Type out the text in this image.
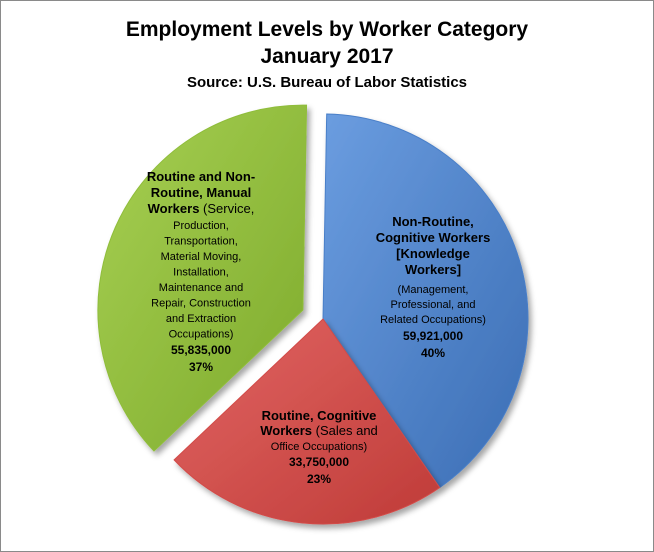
Employment Levels by Worker Category
January 2017
Source: U.S. Bureau of Labor Statistics
Non-Routine,
Cognitive Workers
[Knowledge
Workers]
(Management,
Professional, and
Related Occupations)
59,921,000
40%
Routine, Cognitive
Workers (Sales and
Office Occupations)
33,750,000
23%
Routine and Non-
Routine, Manual
Workers (Service,
Production,
Transportation,
Material Moving,
Installation,
Maintenance and
Repair, Construction
and Extraction
Occupations)
55,835,000
37%
